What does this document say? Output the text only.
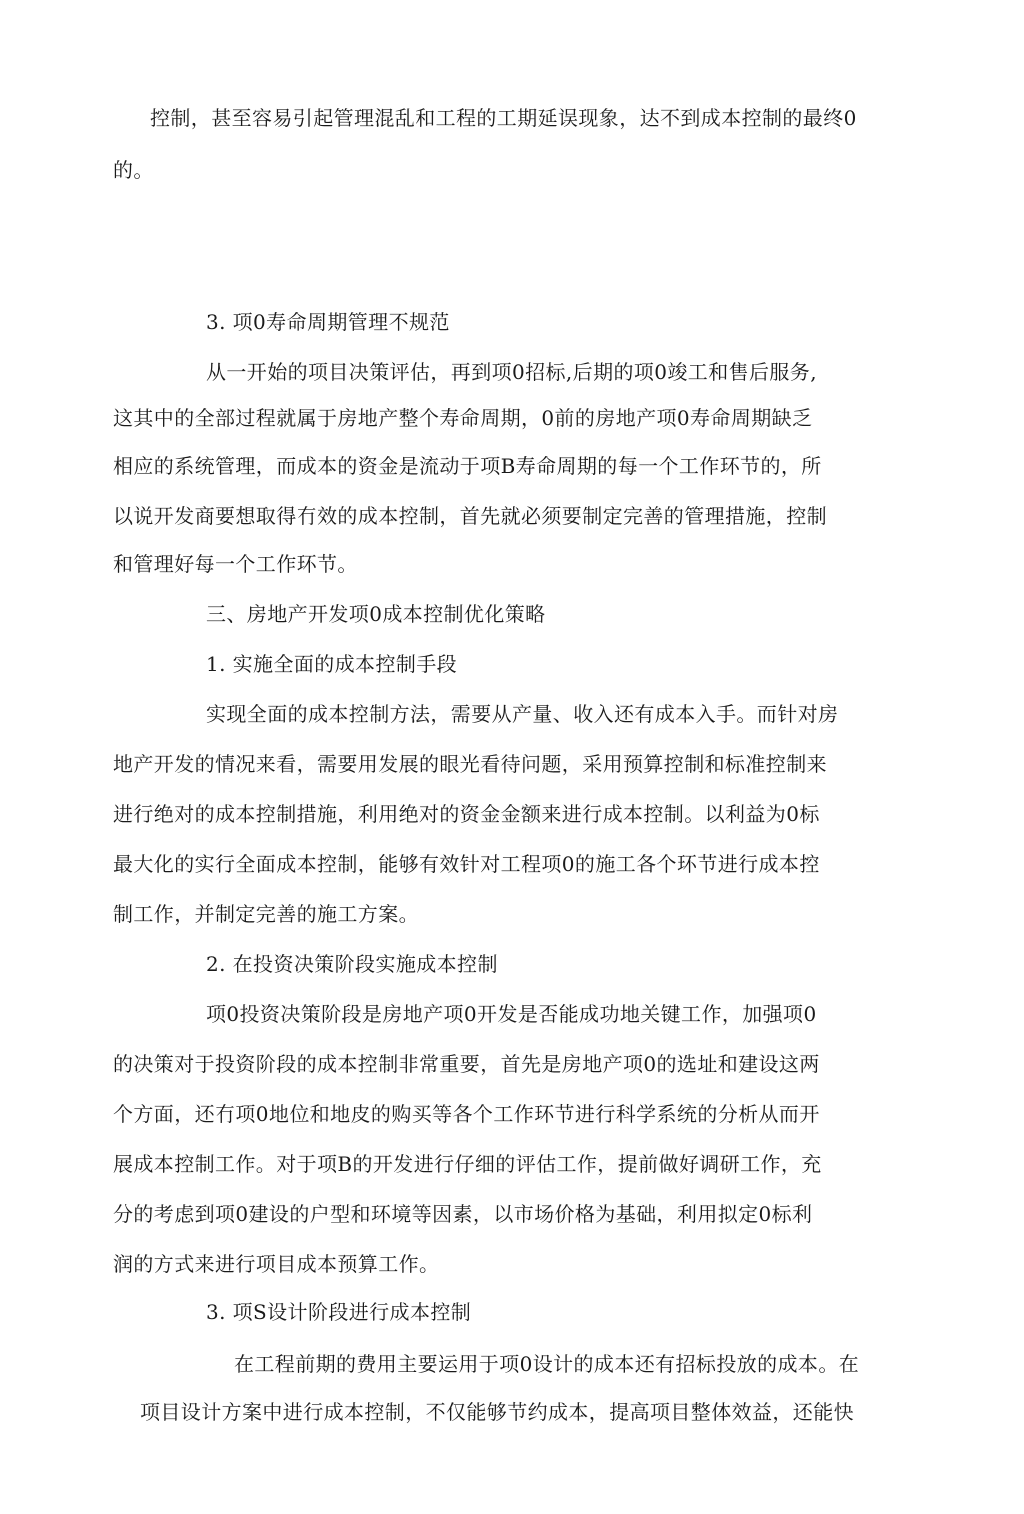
控制，甚至容易引起管理混乱和工程的工期延误现象，达不到成本控制的最终0
的。
3. 项0寿命周期管理不规范
从一开始的项目决策评估，再到项0招标,后期的项0竣工和售后服务,
这其中的全部过程就属于房地产整个寿命周期，0前的房地产项0寿命周期缺乏
相应的系统管理，而成本的资金是流动于项B寿命周期的每一个工作环节的，所
以说开发商要想取得冇效的成本控制，首先就必须要制定完善的管理措施，控制
和管理好每一个工作环节。
三、房地产开发项0成本控制优化策略
1. 实施全面的成本控制手段
实现全面的成本控制方法，需要从产量、收入还有成本入手。而针对房
地产开发的情况来看，需要用发展的眼光看待问题，采用预算控制和标准控制来
进行绝对的成本控制措施，利用绝对的资金金额来进行成本控制。以利益为0标
最大化的实行全面成本控制，能够有效针对工程项0的施工各个环节进行成本控
制工作，并制定完善的施工方案。
2. 在投资决策阶段实施成本控制
项0投资决策阶段是房地产项0开发是否能成功地关键工作，加强项0
的决策对于投资阶段的成本控制非常重要，首先是房地产项0的选址和建设这两
个方面，还冇项0地位和地皮的购买等各个工作环节进行科学系统的分析从而开
展成本控制工作。对于项B的开发进行仔细的评估工作，提前做好调研工作，充
分的考虑到项0建设的户型和环境等因素，以市场价格为基础，利用拟定0标利
润的方式来进行项目成本预算工作。
3. 项S设计阶段进行成本控制
在工程前期的费用主要运用于项0设计的成本还有招标投放的成本。在
项目设计方案中进行成本控制，不仅能够节约成本，提高项目整体效益，还能快
